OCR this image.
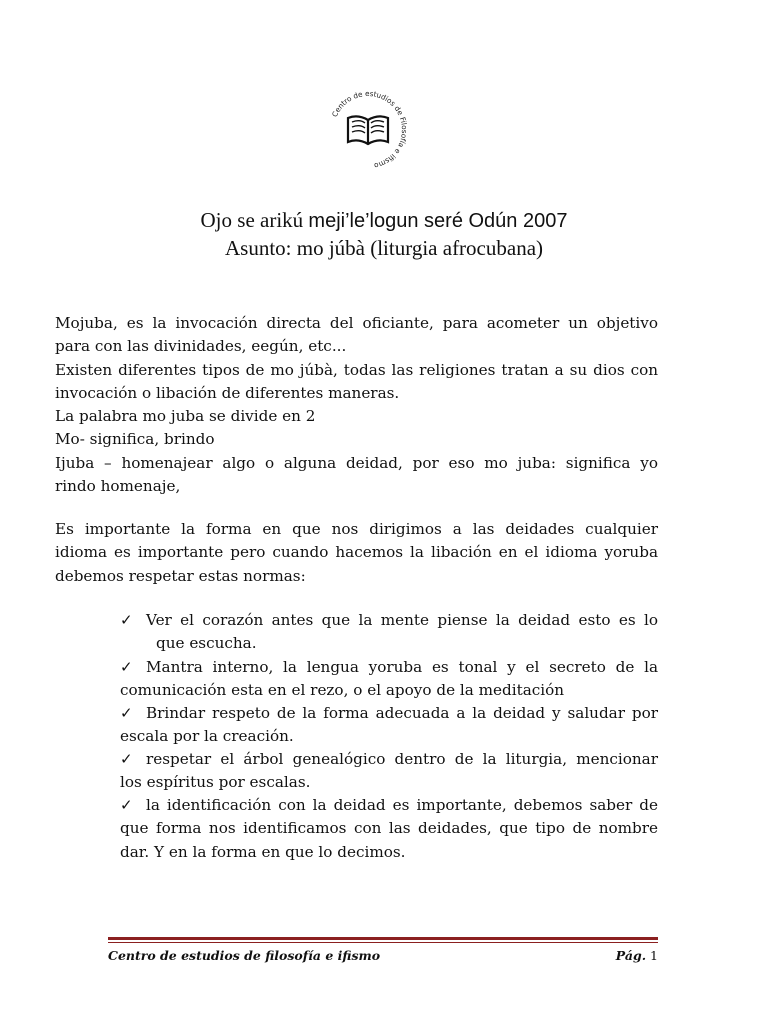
Centro de estudios de Filosofía e ifismo
Ojo se arikú meji’le’logun seré Odún 2007
Asunto: mo júbà (liturgia afrocubana)
Mojuba, es la invocación directa del oficiante, para acometer un objetivo
para con las divinidades, eegún, etc...
Existen diferentes tipos de mo júbà, todas las religiones tratan a su dios con
invocación o libación de diferentes maneras.
La palabra mo juba se divide en 2
Mo- significa, brindo
Ijuba – homenajear algo o alguna deidad, por eso mo juba: significa yo
rindo homenaje,
Es importante la forma en que nos dirigimos a las deidades cualquier
idioma es importante pero cuando hacemos la libación en el idioma yoruba
debemos respetar estas normas:
✓ Ver el corazón antes que la mente piense la deidad esto es lo
que escucha.
✓ Mantra interno, la lengua yoruba es tonal y el secreto de la
comunicación esta en el rezo, o el apoyo de la meditación
✓ Brindar respeto de la forma adecuada a la deidad y saludar por
escala por la creación.
✓ respetar el árbol genealógico dentro de la liturgia, mencionar
los espíritus por escalas.
✓ la identificación con la deidad es importante, debemos saber de
que forma nos identificamos con las deidades, que tipo de nombre
dar. Y en la forma en que lo decimos.
Centro de estudios de filosofía e ifismo	Pág. 1
